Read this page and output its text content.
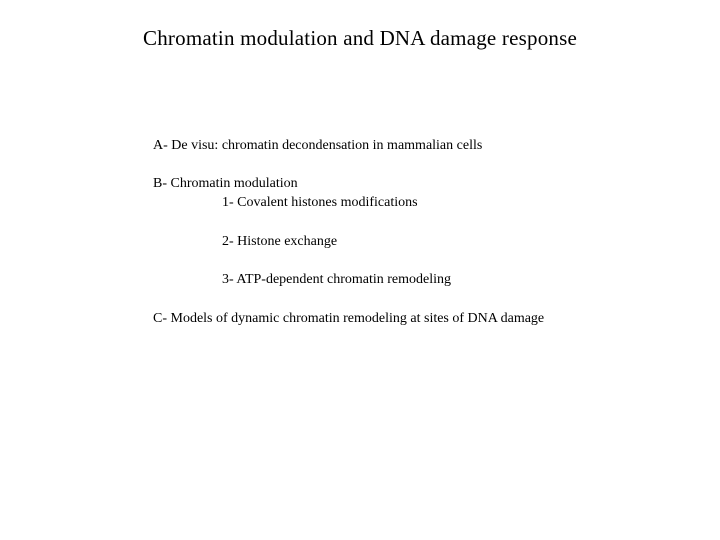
Chromatin modulation and DNA damage response

A- De visu: chromatin decondensation in mammalian cells

B- Chromatin modulation

1- Covalent histones modifications

2- Histone exchange

3- ATP-dependent chromatin remodeling

C- Models of dynamic chromatin remodeling at sites of DNA damage
